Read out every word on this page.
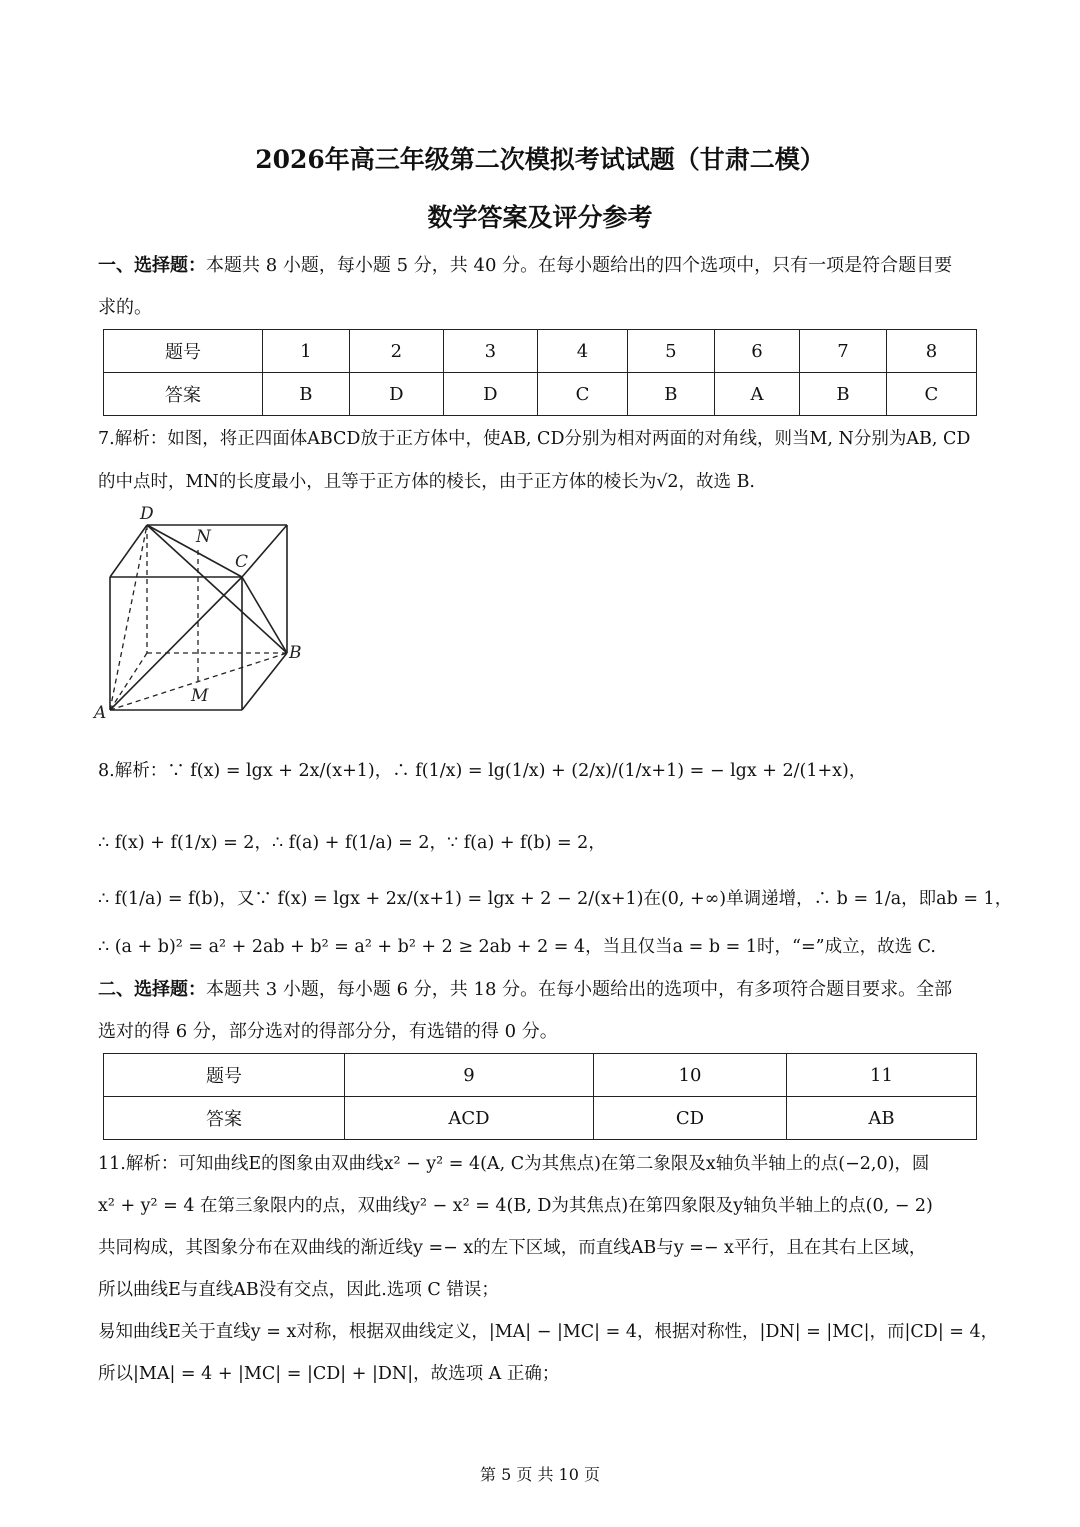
2026年高三年级第二次模拟考试试题（甘肃二模）
数学答案及评分参考
一、选择题：本题共 8 小题，每小题 5 分，共 40 分。在每小题给出的四个选项中，只有一项是符合题目要
求的。
题号	1	2	3	4	5	6	7	8
答案	B	D	D	C	B	A	B	C
7.解析：如图，将正四面体ABCD放于正方体中，使AB, CD分别为相对两面的对角线，则当M, N分别为AB, CD
的中点时，MN的长度最小，且等于正方体的棱长，由于正方体的棱长为√2，故选 B.
D
N
C
B
A
M
8.解析：∵ f(x) = lgx + 2x/(x+1)，∴ f(1/x) = lg(1/x) + (2/x)/(1/x+1) = − lgx + 2/(1+x)，
∴ f(x) + f(1/x) = 2，∴ f(a) + f(1/a) = 2，∵ f(a) + f(b) = 2，
∴ f(1/a) = f(b)，又∵ f(x) = lgx + 2x/(x+1) = lgx + 2 − 2/(x+1)在(0, +∞)单调递增，∴ b = 1/a，即ab = 1，
∴ (a + b)² = a² + 2ab + b² = a² + b² + 2 ≥ 2ab + 2 = 4，当且仅当a = b = 1时，“=”成立，故选 C.
二、选择题：本题共 3 小题，每小题 6 分，共 18 分。在每小题给出的选项中，有多项符合题目要求。全部
选对的得 6 分，部分选对的得部分分，有选错的得 0 分。
题号	9	10	11
答案	ACD	CD	AB
11.解析：可知曲线E的图象由双曲线x² − y² = 4(A, C为其焦点)在第二象限及x轴负半轴上的点(−2,0)，圆
x² + y² = 4 在第三象限内的点，双曲线y² − x² = 4(B, D为其焦点)在第四象限及y轴负半轴上的点(0, − 2)
共同构成，其图象分布在双曲线的渐近线y =− x的左下区域，而直线AB与y =− x平行，且在其右上区域，
所以曲线E与直线AB没有交点，因此.选项 C 错误；
易知曲线E关于直线y = x对称，根据双曲线定义，|MA| − |MC| = 4，根据对称性，|DN| = |MC|，而|CD| = 4，
所以|MA| = 4 + |MC| = |CD| + |DN|，故选项 A 正确；
第 5 页 共 10 页
